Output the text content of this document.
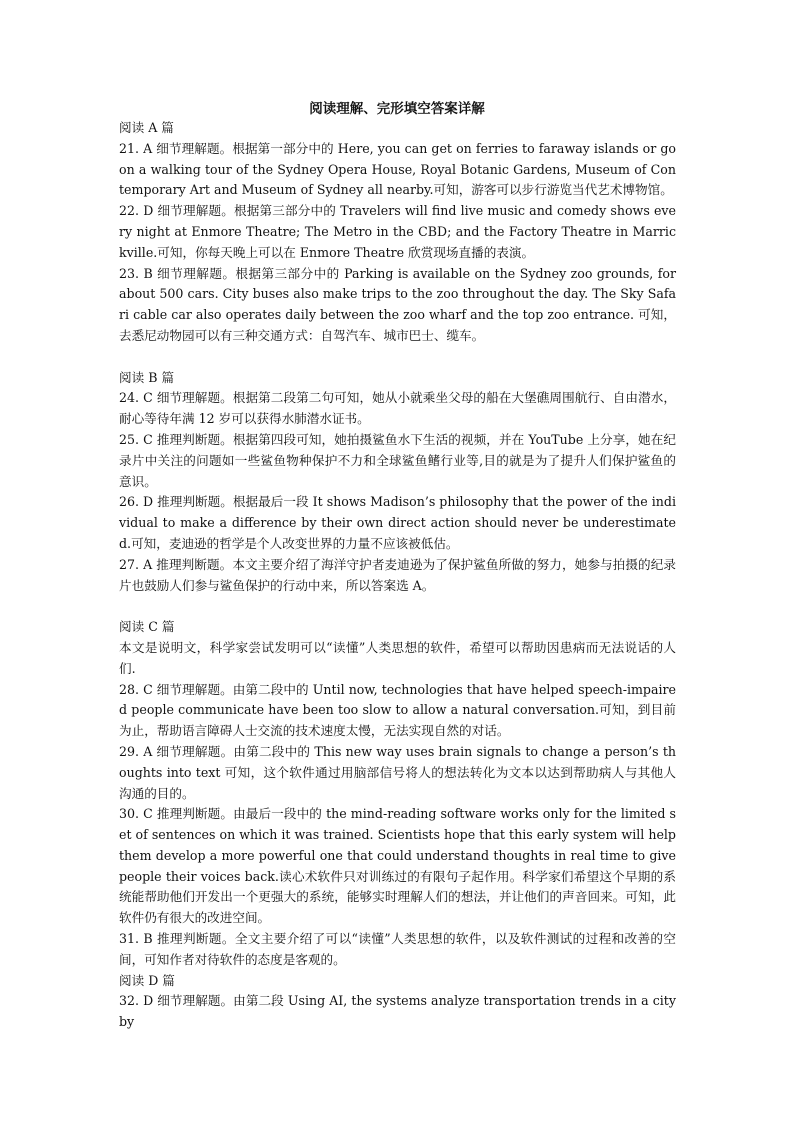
阅读理解、完形填空答案详解

阅读 A 篇

21. A 细节理解题。根据第一部分中的 Here, you can get on ferries to faraway islands or go on a walking tour of the Sydney Opera House, Royal Botanic Gardens, Museum of Contemporary Art and Museum of Sydney all nearby.可知，游客可以步行游览当代艺术博物馆。

22. D 细节理解题。根据第三部分中的 Travelers will find live music and comedy shows every night at Enmore Theatre; The Metro in the CBD; and the Factory Theatre in Marrickville.可知，你每天晚上可以在 Enmore Theatre 欣赏现场直播的表演。

23. B 细节理解题。根据第三部分中的 Parking is available on the Sydney zoo grounds, for about 500 cars. City buses also make trips to the zoo throughout the day. The Sky Safari cable car also operates daily between the zoo wharf and the top zoo entrance. 可知，去悉尼动物园可以有三种交通方式：自驾汽车、城市巴士、缆车。

阅读 B 篇

24. C 细节理解题。根据第二段第二句可知，她从小就乘坐父母的船在大堡礁周围航行、自由潜水，耐心等待年满 12 岁可以获得水肺潜水证书。

25. C 推理判断题。根据第四段可知，她拍摄鲨鱼水下生活的视频，并在 YouTube 上分享，她在纪录片中关注的问题如一些鲨鱼物种保护不力和全球鲨鱼鳍行业等,目的就是为了提升人们保护鲨鱼的意识。

26. D 推理判断题。根据最后一段 It shows Madison’s philosophy that the power of the individual to make a difference by their own direct action should never be underestimated.可知，麦迪逊的哲学是个人改变世界的力量不应该被低估。

27. A 推理判断题。本文主要介绍了海洋守护者麦迪逊为了保护鲨鱼所做的努力，她参与拍摄的纪录片也鼓励人们参与鲨鱼保护的行动中来，所以答案选 A。

阅读 C 篇

本文是说明文，科学家尝试发明可以“读懂”人类思想的软件，希望可以帮助因患病而无法说话的人们.

28. C 细节理解题。由第二段中的 Until now, technologies that have helped speech-impaired people communicate have been too slow to allow a natural conversation.可知，到目前为止，帮助语言障碍人士交流的技术速度太慢，无法实现自然的对话。

29. A 细节理解题。由第二段中的 This new way uses brain signals to change a person’s thoughts into text 可知，这个软件通过用脑部信号将人的想法转化为文本以达到帮助病人与其他人沟通的目的。

30. C 推理判断题。由最后一段中的 the mind-reading software works only for the limited set of sentences on which it was trained. Scientists hope that this early system will help them develop a more powerful one that could understand thoughts in real time to give people their voices back.读心术软件只对训练过的有限句子起作用。科学家们希望这个早期的系统能帮助他们开发出一个更强大的系统，能够实时理解人们的想法，并让他们的声音回来。可知，此软件仍有很大的改进空间。

31. B 推理判断题。全文主要介绍了可以“读懂”人类思想的软件，以及软件测试的过程和改善的空间，可知作者对待软件的态度是客观的。

阅读 D 篇

32. D 细节理解题。由第二段 Using AI, the systems analyze transportation trends in a city by
